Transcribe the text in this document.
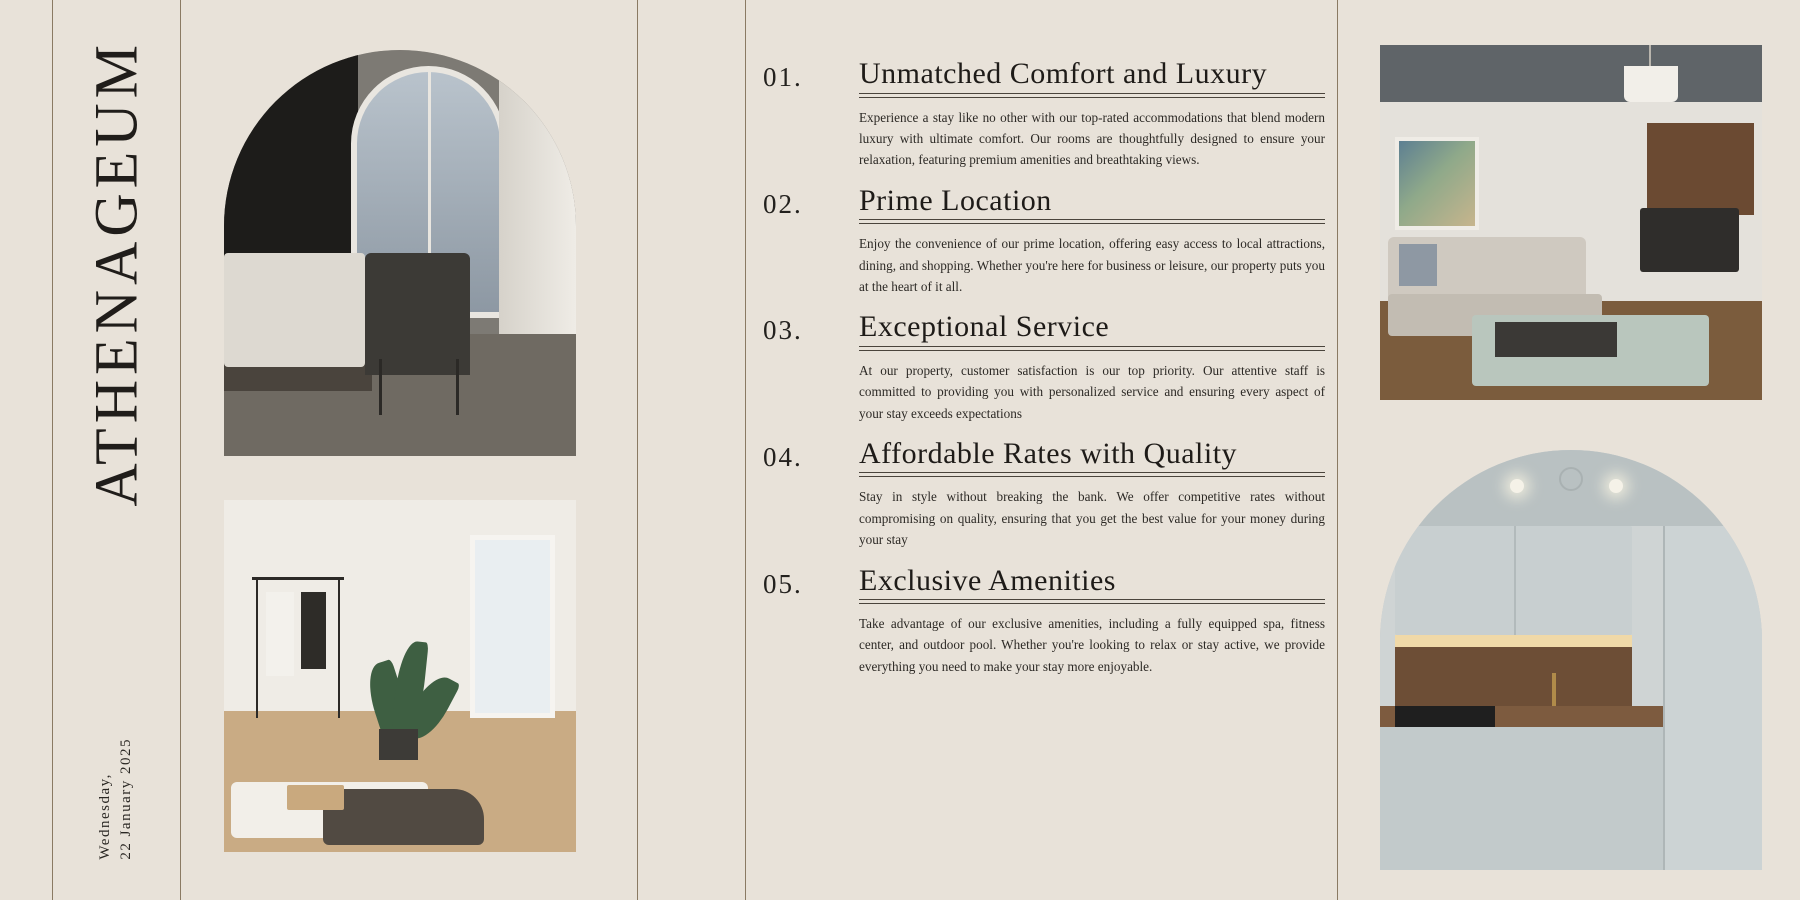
ATHENAGEUM
Wednesday, 22 January 2025
01.	Unmatched Comfort and Luxury
Experience a stay like no other with our top-rated accommodations that blend modern luxury with ultimate comfort. Our rooms are thoughtfully designed to ensure your relaxation, featuring premium amenities and breathtaking views.
02.	Prime Location
Enjoy the convenience of our prime location, offering easy access to local attractions, dining, and shopping. Whether you're here for business or leisure, our property puts you at the heart of it all.
03.	Exceptional Service
At our property, customer satisfaction is our top priority. Our attentive staff is committed to providing you with personalized service and ensuring every aspect of your stay exceeds expectations
04.	Affordable Rates with Quality
Stay in style without breaking the bank. We offer competitive rates without compromising on quality, ensuring that you get the best value for your money during your stay
05.	Exclusive Amenities
Take advantage of our exclusive amenities, including a fully equipped spa, fitness center, and outdoor pool. Whether you're looking to relax or stay active, we provide everything you need to make your stay more enjoyable.
